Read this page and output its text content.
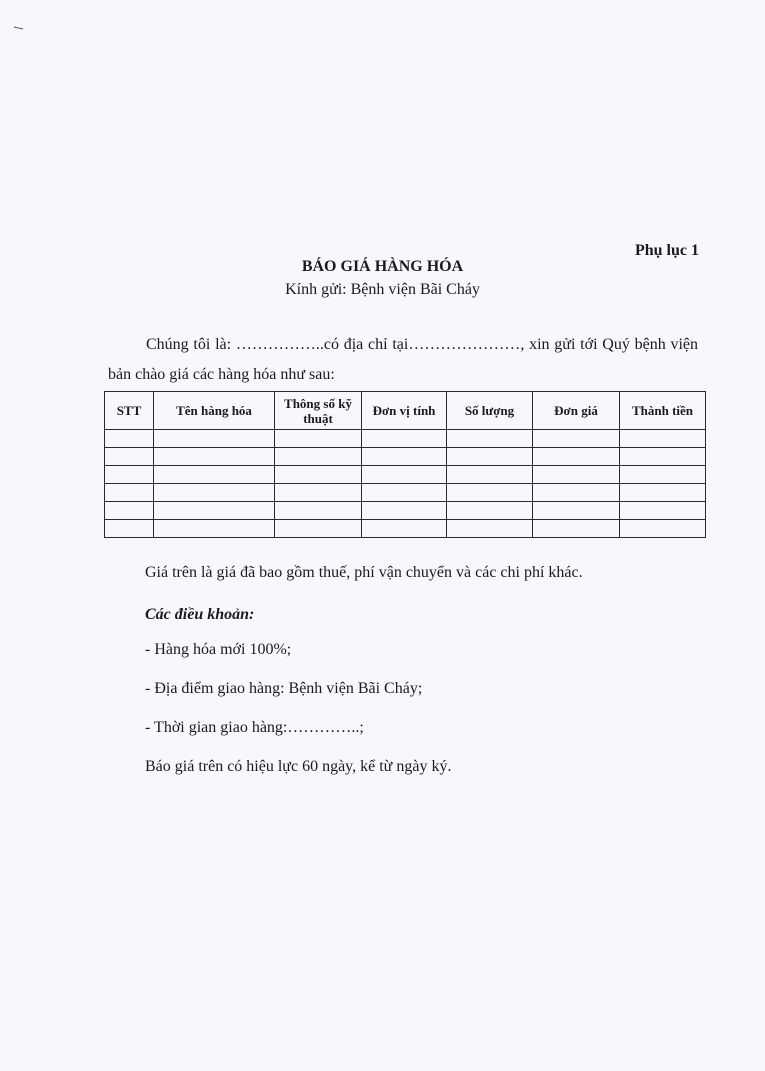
Phụ lục 1

BÁO GIÁ HÀNG HÓA

Kính gửi: Bệnh viện Bãi Cháy

Chúng tôi là: ……………..có địa chỉ tại…………………, xin gửi tới Quý bệnh viện bản chào giá các hàng hóa như sau:

STT	Tên hàng hóa	Thông số kỹ thuật	Đơn vị tính	Số lượng	Đơn giá	Thành tiền

Giá trên là giá đã bao gồm thuế, phí vận chuyển và các chi phí khác.

Các điều khoản:

- Hàng hóa mới 100%;

- Địa điểm giao hàng: Bệnh viện Bãi Cháy;

- Thời gian giao hàng:…………..;

Báo giá trên có hiệu lực 60 ngày, kể từ ngày ký.
